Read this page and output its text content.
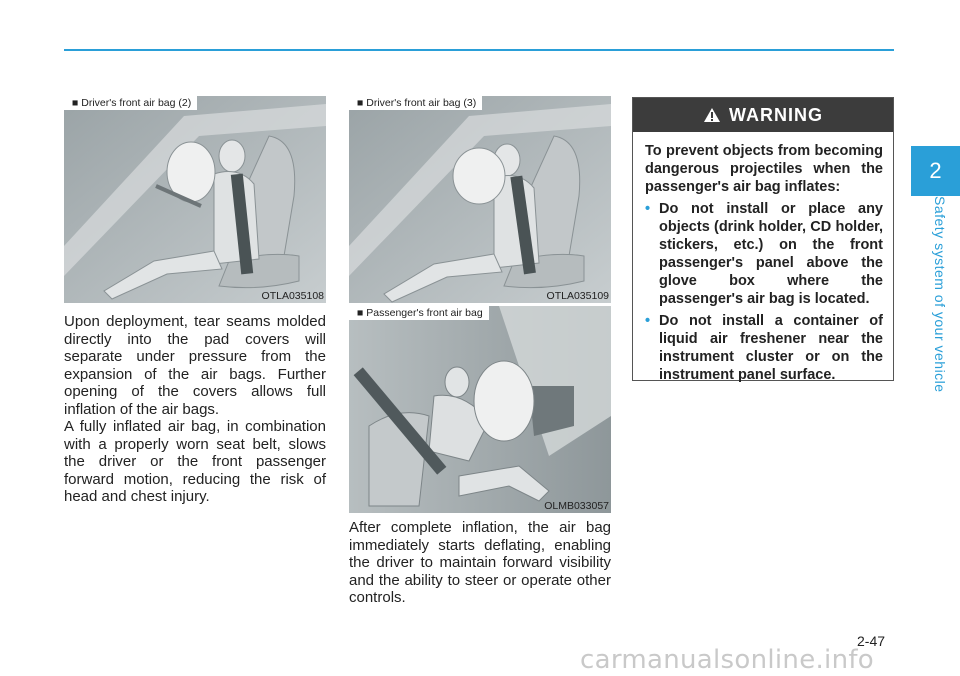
2
Safety system of your vehicle
■ Driver's front air bag (2)
OTLA035108
■ Driver's front air bag (3)
OTLA035109
■ Passenger's front air bag
OLMB033057

Upon deployment, tear seams molded directly into the pad covers will separate under pressure from the expansion of the air bags. Further opening of the covers allows full inflation of the air bags.

A fully inflated air bag, in combination with a properly worn seat belt, slows the driver or the front passenger forward motion, reducing the risk of head and chest injury.

After complete inflation, the air bag immediately starts deflating, enabling the driver to maintain forward visibility and the ability to steer or operate other controls.

WARNING
To prevent objects from becoming dangerous projectiles when the passenger's air bag inflates:
• Do not install or place any objects (drink holder, CD holder, stickers, etc.) on the front passenger's panel above the glove box where the passenger's air bag is located.
• Do not install a container of liquid air freshener near the instrument cluster or on the instrument panel surface.
2-47
carmanualsonline.info
